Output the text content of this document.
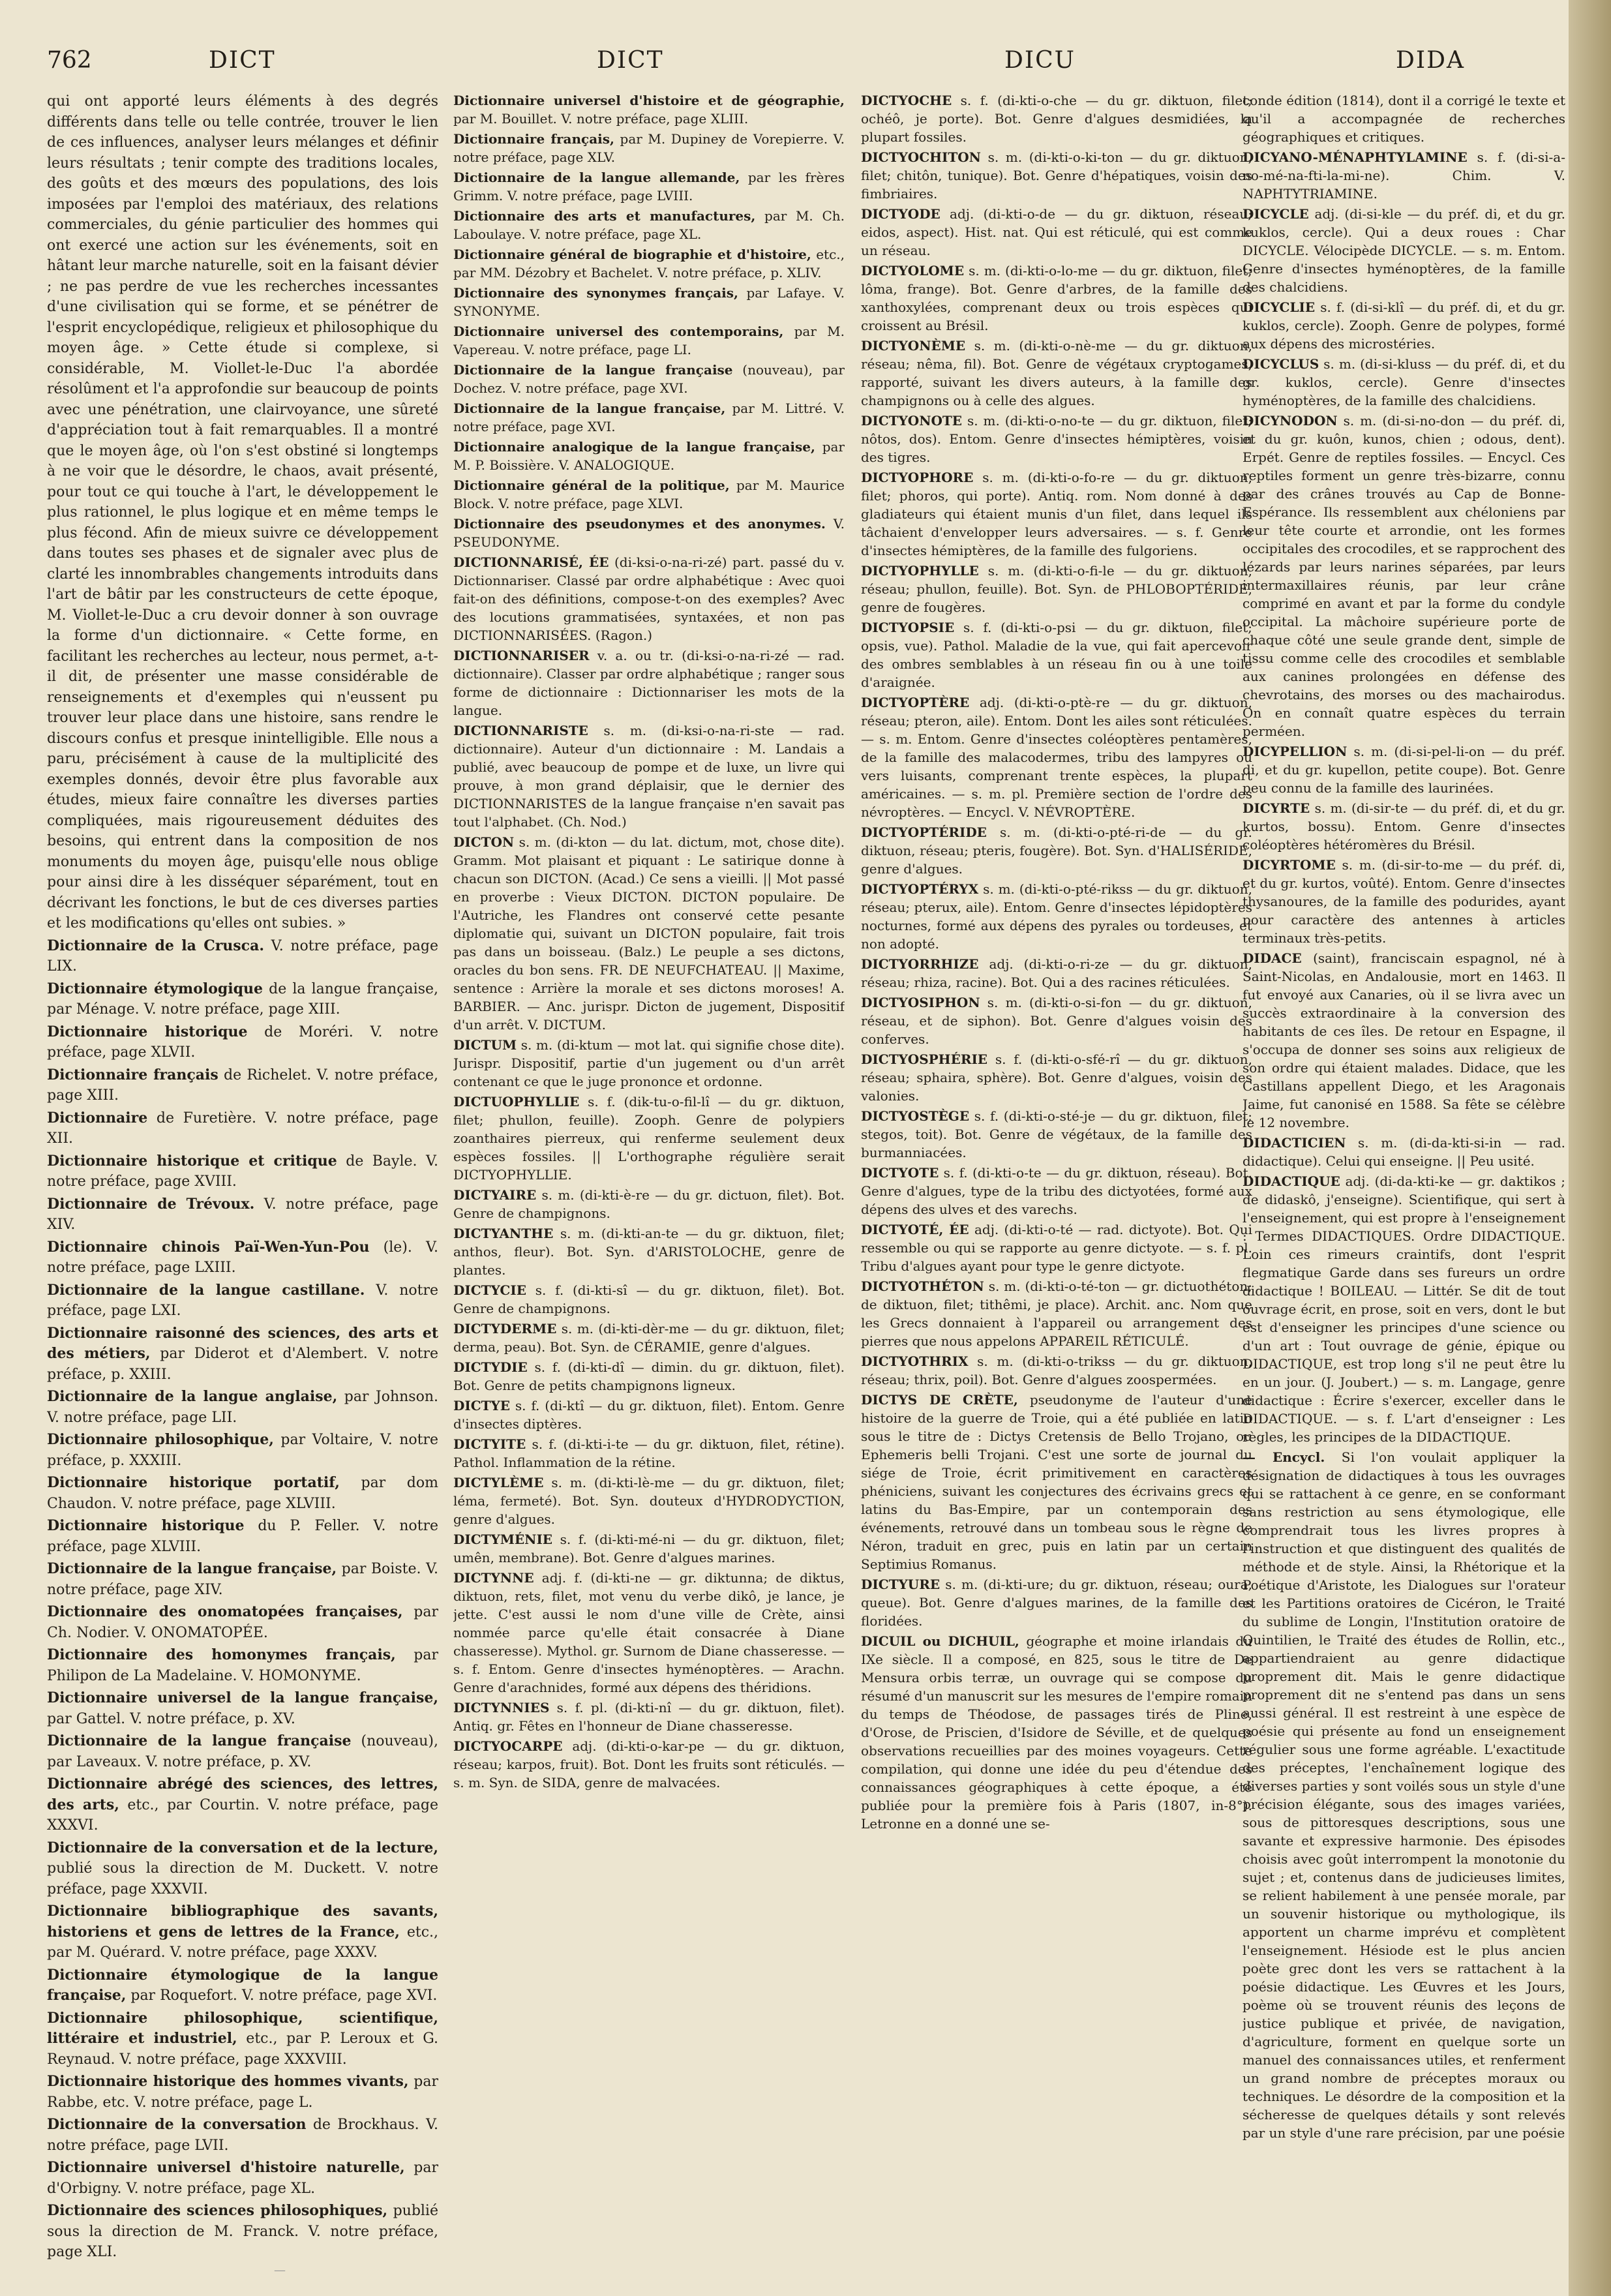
762	DICT	DICT	DICU	DIDA

qui ont apporté leurs éléments à des degrés différents dans telle ou telle contrée, trouver le lien de ces influences, analyser leurs mélanges et définir leurs résultats ; tenir compte des traditions locales, des goûts et des mœurs des populations, des lois imposées par l'emploi des matériaux, des relations commerciales, du génie particulier des hommes qui ont exercé une action sur les événements, soit en hâtant leur marche naturelle, soit en la faisant dévier ; ne pas perdre de vue les recherches incessantes d'une civilisation qui se forme, et se pénétrer de l'esprit encyclopédique, religieux et philosophique du moyen âge. » Cette étude si complexe, si considérable, M. Viollet-le-Duc l'a abordée résolûment et l'a approfondie sur beaucoup de points avec une pénétration, une clairvoyance, une sûreté d'appréciation tout à fait remarquables. Il a montré que le moyen âge, où l'on s'est obstiné si longtemps à ne voir que le désordre, le chaos, avait présenté, pour tout ce qui touche à l'art, le développement le plus rationnel, le plus logique et en même temps le plus fécond. Afin de mieux suivre ce développement dans toutes ses phases et de signaler avec plus de clarté les innombrables changements introduits dans l'art de bâtir par les constructeurs de cette époque, M. Viollet-le-Duc a cru devoir donner à son ouvrage la forme d'un dictionnaire. « Cette forme, en facilitant les recherches au lecteur, nous permet, a-t-il dit, de présenter une masse considérable de renseignements et d'exemples qui n'eussent pu trouver leur place dans une histoire, sans rendre le discours confus et presque inintelligible. Elle nous a paru, précisément à cause de la multiplicité des exemples donnés, devoir être plus favorable aux études, mieux faire connaître les diverses parties compliquées, mais rigoureusement déduites des besoins, qui entrent dans la composition de nos monuments du moyen âge, puisqu'elle nous oblige pour ainsi dire à les disséquer séparément, tout en décrivant les fonctions, le but de ces diverses parties et les modifications qu'elles ont subies. »

Dictionnaire de la Crusca. V. notre préface, page LIX.

Dictionnaire étymologique de la langue française, par Ménage. V. notre préface, page XIII.

Dictionnaire historique de Moréri. V. notre préface, page XLVII.

Dictionnaire français de Richelet. V. notre préface, page XIII.

Dictionnaire de Furetière. V. notre préface, page XII.

Dictionnaire historique et critique de Bayle. V. notre préface, page XVIII.

Dictionnaire de Trévoux. V. notre préface, page XIV.

Dictionnaire chinois Paï-Wen-Yun-Pou (le). V. notre préface, page LXIII.

Dictionnaire de la langue castillane. V. notre préface, page LXI.

Dictionnaire raisonné des sciences, des arts et des métiers, par Diderot et d'Alembert. V. notre préface, p. XXIII.

Dictionnaire de la langue anglaise, par Johnson. V. notre préface, page LII.

Dictionnaire philosophique, par Voltaire, V. notre préface, p. XXXIII.

Dictionnaire historique portatif, par dom Chaudon. V. notre préface, page XLVIII.

Dictionnaire historique du P. Feller. V. notre préface, page XLVIII.

Dictionnaire de la langue française, par Boiste. V. notre préface, page XIV.

Dictionnaire des onomatopées françaises, par Ch. Nodier. V. ONOMATOPÉE.

Dictionnaire des homonymes français, par Philipon de La Madelaine. V. HOMONYME.

Dictionnaire universel de la langue française, par Gattel. V. notre préface, p. XV.

Dictionnaire de la langue française (nouveau), par Laveaux. V. notre préface, p. XV.

Dictionnaire abrégé des sciences, des lettres, des arts, etc., par Courtin. V. notre préface, page XXXVI.

Dictionnaire de la conversation et de la lecture, publié sous la direction de M. Duckett. V. notre préface, page XXXVII.

Dictionnaire bibliographique des savants, historiens et gens de lettres de la France, etc., par M. Quérard. V. notre préface, page XXXV.

Dictionnaire étymologique de la langue française, par Roquefort. V. notre préface, page XVI.

Dictionnaire philosophique, scientifique, littéraire et industriel, etc., par P. Leroux et G. Reynaud. V. notre préface, page XXXVIII.

Dictionnaire historique des hommes vivants, par Rabbe, etc. V. notre préface, page L.

Dictionnaire de la conversation de Brockhaus. V. notre préface, page LVII.

Dictionnaire universel d'histoire naturelle, par d'Orbigny. V. notre préface, page XL.

Dictionnaire des sciences philosophiques, publié sous la direction de M. Franck. V. notre préface, page XLI.

Dictionnaire universel d'histoire et de géographie, par M. Bouillet. V. notre préface, page XLIII.

Dictionnaire français, par M. Dupiney de Vorepierre. V. notre préface, page XLV.

Dictionnaire de la langue allemande, par les frères Grimm. V. notre préface, page LVIII.

Dictionnaire des arts et manufactures, par M. Ch. Laboulaye. V. notre préface, page XL.

Dictionnaire général de biographie et d'histoire, etc., par MM. Dézobry et Bachelet. V. notre préface, p. XLIV.

Dictionnaire des synonymes français, par Lafaye. V. SYNONYME.

Dictionnaire universel des contemporains, par M. Vapereau. V. notre préface, page LI.

Dictionnaire de la langue française (nouveau), par Dochez. V. notre préface, page XVI.

Dictionnaire de la langue française, par M. Littré. V. notre préface, page XVI.

Dictionnaire analogique de la langue française, par M. P. Boissière. V. ANALOGIQUE.

Dictionnaire général de la politique, par M. Maurice Block. V. notre préface, page XLVI.

Dictionnaire des pseudonymes et des anonymes. V. PSEUDONYME.

DICTIONNARISÉ, ÉE (di-ksi-o-na-ri-zé) part. passé du v. Dictionnariser. Classé par ordre alphabétique : Avec quoi fait-on des définitions, compose-t-on des exemples? Avec des locutions grammatisées, syntaxées, et non pas DICTIONNARISÉES. (Ragon.)

DICTIONNARISER v. a. ou tr. (di-ksi-o-na-ri-zé — rad. dictionnaire). Classer par ordre alphabétique ; ranger sous forme de dictionnaire : Dictionnariser les mots de la langue.

DICTIONNARISTE s. m. (di-ksi-o-na-ri-ste — rad. dictionnaire). Auteur d'un dictionnaire : M. Landais a publié, avec beaucoup de pompe et de luxe, un livre qui prouve, à mon grand déplaisir, que le dernier des DICTIONNARISTES de la langue française n'en savait pas tout l'alphabet. (Ch. Nod.)

DICTON s. m. (di-kton — du lat. dictum, mot, chose dite). Gramm. Mot plaisant et piquant : Le satirique donne à chacun son DICTON. (Acad.) Ce sens a vieilli. || Mot passé en proverbe : Vieux DICTON. DICTON populaire. De l'Autriche, les Flandres ont conservé cette pesante diplomatie qui, suivant un DICTON populaire, fait trois pas dans un boisseau. (Balz.) Le peuple a ses dictons, oracles du bon sens. FR. DE NEUFCHATEAU. || Maxime, sentence : Arrière la morale et ses dictons moroses! A. BARBIER. — Anc. jurispr. Dicton de jugement, Dispositif d'un arrêt. V. DICTUM.

DICTUM s. m. (di-ktum — mot lat. qui signifie chose dite). Jurispr. Dispositif, partie d'un jugement ou d'un arrêt contenant ce que le juge prononce et ordonne.

DICTUOPHYLLIE s. f. (dik-tu-o-fil-lî — du gr. diktuon, filet; phullon, feuille). Zooph. Genre de polypiers zoanthaires pierreux, qui renferme seulement deux espèces fossiles. || L'orthographe régulière serait DICTYOPHYLLIE.

DICTYAIRE s. m. (di-kti-è-re — du gr. dictuon, filet). Bot. Genre de champignons.

DICTYANTHE s. m. (di-kti-an-te — du gr. diktuon, filet; anthos, fleur). Bot. Syn. d'ARISTOLOCHE, genre de plantes.

DICTYCIE s. f. (di-kti-sî — du gr. diktuon, filet). Bot. Genre de champignons.

DICTYDERME s. m. (di-kti-dèr-me — du gr. diktuon, filet; derma, peau). Bot. Syn. de CÉRAMIE, genre d'algues.

DICTYDIE s. f. (di-kti-dî — dimin. du gr. diktuon, filet). Bot. Genre de petits champignons ligneux.

DICTYE s. f. (di-ktî — du gr. diktuon, filet). Entom. Genre d'insectes diptères.

DICTYITE s. f. (di-kti-i-te — du gr. diktuon, filet, rétine). Pathol. Inflammation de la rétine.

DICTYLÈME s. m. (di-kti-lè-me — du gr. diktuon, filet; léma, fermeté). Bot. Syn. douteux d'HYDRODYCTION, genre d'algues.

DICTYMÉNIE s. f. (di-kti-mé-ni — du gr. diktuon, filet; umên, membrane). Bot. Genre d'algues marines.

DICTYNNE adj. f. (di-kti-ne — gr. diktunna; de diktus, diktuon, rets, filet, mot venu du verbe dikô, je lance, je jette. C'est aussi le nom d'une ville de Crète, ainsi nommée parce qu'elle était consacrée à Diane chasseresse). Mythol. gr. Surnom de Diane chasseresse. — s. f. Entom. Genre d'insectes hyménoptères. — Arachn. Genre d'arachnides, formé aux dépens des théridions.

DICTYNNIES s. f. pl. (di-kti-nî — du gr. diktuon, filet). Antiq. gr. Fêtes en l'honneur de Diane chasseresse.

DICTYOCARPE adj. (di-kti-o-kar-pe — du gr. diktuon, réseau; karpos, fruit). Bot. Dont les fruits sont réticulés. — s. m. Syn. de SIDA, genre de malvacées.

DICTYOCHE s. f. (di-kti-o-che — du gr. diktuon, filet; ochéô, je porte). Bot. Genre d'algues desmidiées, la plupart fossiles.

DICTYOCHITON s. m. (di-kti-o-ki-ton — du gr. diktuon, filet; chitôn, tunique). Bot. Genre d'hépatiques, voisin des fimbriaires.

DICTYODE adj. (di-kti-o-de — du gr. diktuon, réseau; eidos, aspect). Hist. nat. Qui est réticulé, qui est comme un réseau.

DICTYOLOME s. m. (di-kti-o-lo-me — du gr. diktuon, filet; lôma, frange). Bot. Genre d'arbres, de la famille des xanthoxylées, comprenant deux ou trois espèces qui croissent au Brésil.

DICTYONÈME s. m. (di-kti-o-nè-me — du gr. diktuon, réseau; nêma, fil). Bot. Genre de végétaux cryptogames, rapporté, suivant les divers auteurs, à la famille des champignons ou à celle des algues.

DICTYONOTE s. m. (di-kti-o-no-te — du gr. diktuon, filet; nôtos, dos). Entom. Genre d'insectes hémiptères, voisin des tigres.

DICTYOPHORE s. m. (di-kti-o-fo-re — du gr. diktuon, filet; phoros, qui porte). Antiq. rom. Nom donné à des gladiateurs qui étaient munis d'un filet, dans lequel ils tâchaient d'envelopper leurs adversaires. — s. f. Genre d'insectes hémiptères, de la famille des fulgoriens.

DICTYOPHYLLE s. m. (di-kti-o-fi-le — du gr. diktuon, réseau; phullon, feuille). Bot. Syn. de PHLOBOPTÉRIDE, genre de fougères.

DICTYOPSIE s. f. (di-kti-o-psi — du gr. diktuon, filet; opsis, vue). Pathol. Maladie de la vue, qui fait apercevoir des ombres semblables à un réseau fin ou à une toile d'araignée.

DICTYOPTÈRE adj. (di-kti-o-ptè-re — du gr. diktuon, réseau; pteron, aile). Entom. Dont les ailes sont réticulées. — s. m. Entom. Genre d'insectes coléoptères pentamères, de la famille des malacodermes, tribu des lampyres ou vers luisants, comprenant trente espèces, la plupart américaines. — s. m. pl. Première section de l'ordre des névroptères. — Encycl. V. NÉVROPTÈRE.

DICTYOPTÉRIDE s. m. (di-kti-o-pté-ri-de — du gr. diktuon, réseau; pteris, fougère). Bot. Syn. d'HALISÉRIDE, genre d'algues.

DICTYOPTÉRYX s. m. (di-kti-o-pté-rikss — du gr. diktuon, réseau; pterux, aile). Entom. Genre d'insectes lépidoptères nocturnes, formé aux dépens des pyrales ou tordeuses, et non adopté.

DICTYORRHIZE adj. (di-kti-o-ri-ze — du gr. diktuon, réseau; rhiza, racine). Bot. Qui a des racines réticulées.

DICTYOSIPHON s. m. (di-kti-o-si-fon — du gr. diktuon, réseau, et de siphon). Bot. Genre d'algues voisin des conferves.

DICTYOSPHÉRIE s. f. (di-kti-o-sfé-rî — du gr. diktuon, réseau; sphaira, sphère). Bot. Genre d'algues, voisin des valonies.

DICTYOSTÈGE s. f. (di-kti-o-sté-je — du gr. diktuon, filet; stegos, toit). Bot. Genre de végétaux, de la famille des burmanniacées.

DICTYOTE s. f. (di-kti-o-te — du gr. diktuon, réseau). Bot. Genre d'algues, type de la tribu des dictyotées, formé aux dépens des ulves et des varechs.

DICTYOTÉ, ÉE adj. (di-kti-o-té — rad. dictyote). Bot. Qui ressemble ou qui se rapporte au genre dictyote. — s. f. pl. Tribu d'algues ayant pour type le genre dictyote.

DICTYOTHÉTON s. m. (di-kti-o-té-ton — gr. dictuothéton; de diktuon, filet; tithêmi, je place). Archit. anc. Nom que les Grecs donnaient à l'appareil ou arrangement des pierres que nous appelons APPAREIL RÉTICULÉ.

DICTYOTHRIX s. m. (di-kti-o-trikss — du gr. diktuon, réseau; thrix, poil). Bot. Genre d'algues zoospermées.

DICTYS DE CRÈTE, pseudonyme de l'auteur d'une histoire de la guerre de Troie, qui a été publiée en latin sous le titre de : Dictys Cretensis de Bello Trojano, ou Ephemeris belli Trojani. C'est une sorte de journal du siége de Troie, écrit primitivement en caractères phéniciens, suivant les conjectures des écrivains grecs et latins du Bas-Empire, par un contemporain des événements, retrouvé dans un tombeau sous le règne de Néron, traduit en grec, puis en latin par un certain Septimius Romanus.

DICTYURE s. m. (di-kti-ure; du gr. diktuon, réseau; oura, queue). Bot. Genre d'algues marines, de la famille des floridées.

DICUIL ou DICHUIL, géographe et moine irlandais du IXe siècle. Il a composé, en 825, sous le titre de De Mensura orbis terræ, un ouvrage qui se compose du résumé d'un manuscrit sur les mesures de l'empire romain du temps de Théodose, de passages tirés de Pline, d'Orose, de Priscien, d'Isidore de Séville, et de quelques observations recueillies par des moines voyageurs. Cette compilation, qui donne une idée du peu d'étendue des connaissances géographiques à cette époque, a été publiée pour la première fois à Paris (1807, in-8°). Letronne en a donné une se-

conde édition (1814), dont il a corrigé le texte et qu'il a accompagnée de recherches géographiques et critiques.

DICYANO-MÉNAPHTYLAMINE s. f. (di-si-a-no-mé-na-fti-la-mi-ne). Chim. V. NAPHTYTRIAMINE.

DICYCLE adj. (di-si-kle — du préf. di, et du gr. kuklos, cercle). Qui a deux roues : Char DICYCLE. Vélocipède DICYCLE. — s. m. Entom. Genre d'insectes hyménoptères, de la famille des chalcidiens.

DICYCLIE s. f. (di-si-klî — du préf. di, et du gr. kuklos, cercle). Zooph. Genre de polypes, formé aux dépens des microstéries.

DICYCLUS s. m. (di-si-kluss — du préf. di, et du gr. kuklos, cercle). Genre d'insectes hyménoptères, de la famille des chalcidiens.

DICYNODON s. m. (di-si-no-don — du préf. di, et du gr. kuôn, kunos, chien ; odous, dent). Erpét. Genre de reptiles fossiles. — Encycl. Ces reptiles forment un genre très-bizarre, connu par des crânes trouvés au Cap de Bonne-Espérance. Ils ressemblent aux chéloniens par leur tête courte et arrondie, ont les formes occipitales des crocodiles, et se rapprochent des lézards par leurs narines séparées, par leurs intermaxillaires réunis, par leur crâne comprimé en avant et par la forme du condyle occipital. La mâchoire supérieure porte de chaque côté une seule grande dent, simple de tissu comme celle des crocodiles et semblable aux canines prolongées en défense des chevrotains, des morses ou des machairodus. On en connaît quatre espèces du terrain perméen.

DICYPELLION s. m. (di-si-pel-li-on — du préf. di, et du gr. kupellon, petite coupe). Bot. Genre peu connu de la famille des laurinées.

DICYRTE s. m. (di-sir-te — du préf. di, et du gr. kurtos, bossu). Entom. Genre d'insectes coléoptères hétéromères du Brésil.

DICYRTOME s. m. (di-sir-to-me — du préf. di, et du gr. kurtos, voûté). Entom. Genre d'insectes thysanoures, de la famille des podurides, ayant pour caractère des antennes à articles terminaux très-petits.

DIDACE (saint), franciscain espagnol, né à Saint-Nicolas, en Andalousie, mort en 1463. Il fut envoyé aux Canaries, où il se livra avec un succès extraordinaire à la conversion des habitants de ces îles. De retour en Espagne, il s'occupa de donner ses soins aux religieux de son ordre qui étaient malades. Didace, que les Castillans appellent Diego, et les Aragonais Jaime, fut canonisé en 1588. Sa fête se célèbre le 12 novembre.

DIDACTICIEN s. m. (di-da-kti-si-in — rad. didactique). Celui qui enseigne. || Peu usité.

DIDACTIQUE adj. (di-da-kti-ke — gr. daktikos ; de didaskô, j'enseigne). Scientifique, qui sert à l'enseignement, qui est propre à l'enseignement : Termes DIDACTIQUES. Ordre DIDACTIQUE. Loin ces rimeurs craintifs, dont l'esprit flegmatique Garde dans ses fureurs un ordre didactique ! BOILEAU. — Littér. Se dit de tout ouvrage écrit, en prose, soit en vers, dont le but est d'enseigner les principes d'une science ou d'un art : Tout ouvrage de génie, épique ou DIDACTIQUE, est trop long s'il ne peut être lu en un jour. (J. Joubert.) — s. m. Langage, genre didactique : Écrire s'exercer, exceller dans le DIDACTIQUE. — s. f. L'art d'enseigner : Les règles, les principes de la DIDACTIQUE.

— Encycl. Si l'on voulait appliquer la désignation de didactiques à tous les ouvrages qui se rattachent à ce genre, en se conformant sans restriction au sens étymologique, elle comprendrait tous les livres propres à l'instruction et que distinguent des qualités de méthode et de style. Ainsi, la Rhétorique et la Poétique d'Aristote, les Dialogues sur l'orateur et les Partitions oratoires de Cicéron, le Traité du sublime de Longin, l'Institution oratoire de Quintilien, le Traité des études de Rollin, etc., appartiendraient au genre didactique proprement dit. Mais le genre didactique proprement dit ne s'entend pas dans un sens aussi général. Il est restreint à une espèce de poésie qui présente au fond un enseignement régulier sous une forme agréable. L'exactitude des préceptes, l'enchaînement logique des diverses parties y sont voilés sous un style d'une précision élégante, sous des images variées, sous de pittoresques descriptions, sous une savante et expressive harmonie. Des épisodes choisis avec goût interrompent la monotonie du sujet ; et, contenus dans de judicieuses limites, se relient habilement à une pensée morale, par un souvenir historique ou mythologique, ils apportent un charme imprévu et complètent l'enseignement. Hésiode est le plus ancien poète grec dont les vers se rattachent à la poésie didactique. Les Œuvres et les Jours, poème où se trouvent réunis des leçons de justice publique et privée, de navigation, d'agriculture, forment en quelque sorte un manuel des connaissances utiles, et renferment un grand nombre de préceptes moraux ou techniques. Le désordre de la composition et la sécheresse de quelques détails y sont relevés par un style d'une rare précision, par une poésie

—
